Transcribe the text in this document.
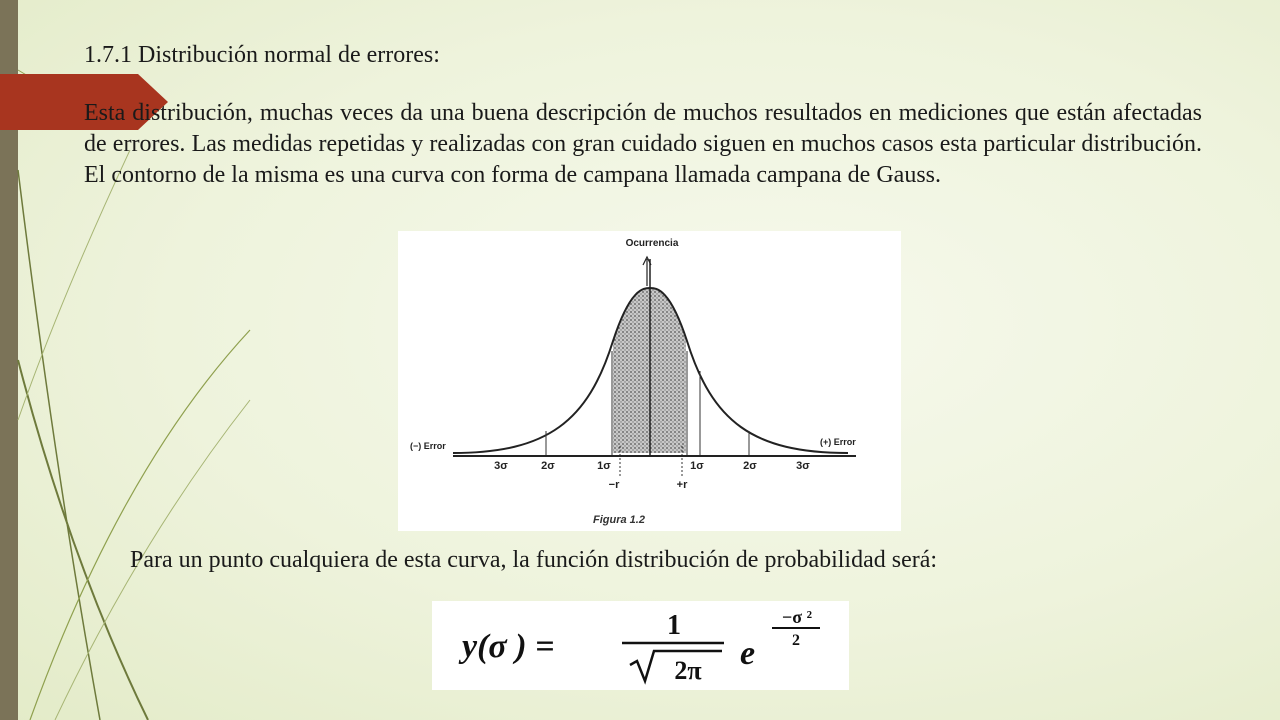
1.7.1 Distribución normal de errores:

Esta distribución, muchas veces da una buena descripción de muchos resultados en mediciones que están afectadas de errores. Las medidas repetidas y realizadas con gran cuidado siguen en muchos casos esta particular distribución. El contorno de la misma es una curva con forma de campana llamada campana de Gauss.

Ocurrencia
(−) Error	(+) Error
3σ	2σ	1σ	1σ	2σ	3σ
−r	+r
Figura 1.2

Para un punto cualquiera de esta curva, la función distribución de probabilidad será:

y(σ ) =
1
2π e
−σ ²
2
